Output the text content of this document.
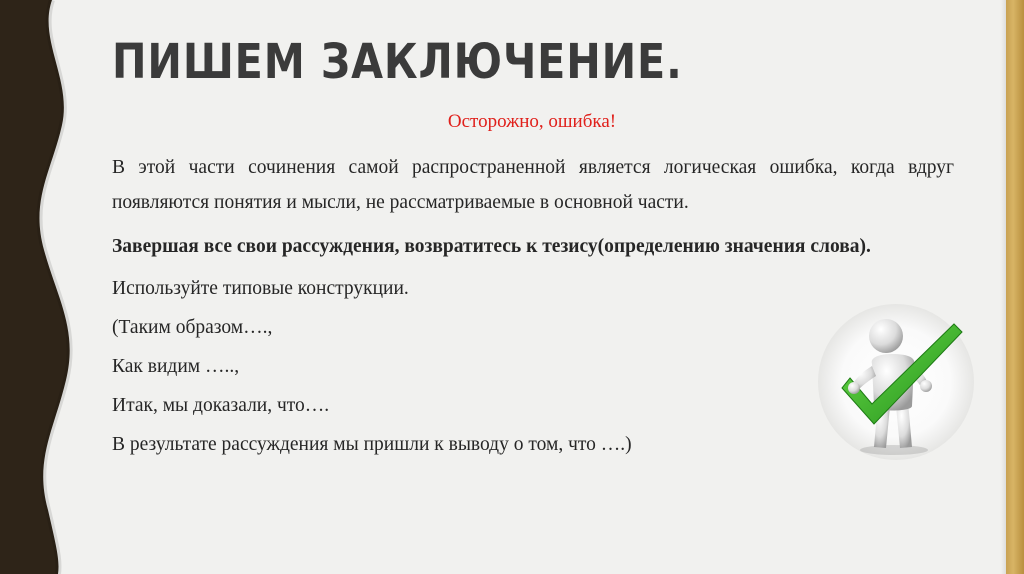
ПИШЕМ ЗАКЛЮЧЕНИЕ.
Осторожно, ошибка!

В этой части сочинения самой распространенной является логическая ошибка, когда вдруг появляются понятия и мысли, не рассматриваемые в основной части.

Завершая все свои рассуждения, возвратитесь к тезису(определению значения слова).

Используйте типовые конструкции.

(Таким образом….,

Как видим …..,

Итак, мы доказали, что….

В результате рассуждения мы пришли к выводу о том, что ….)
